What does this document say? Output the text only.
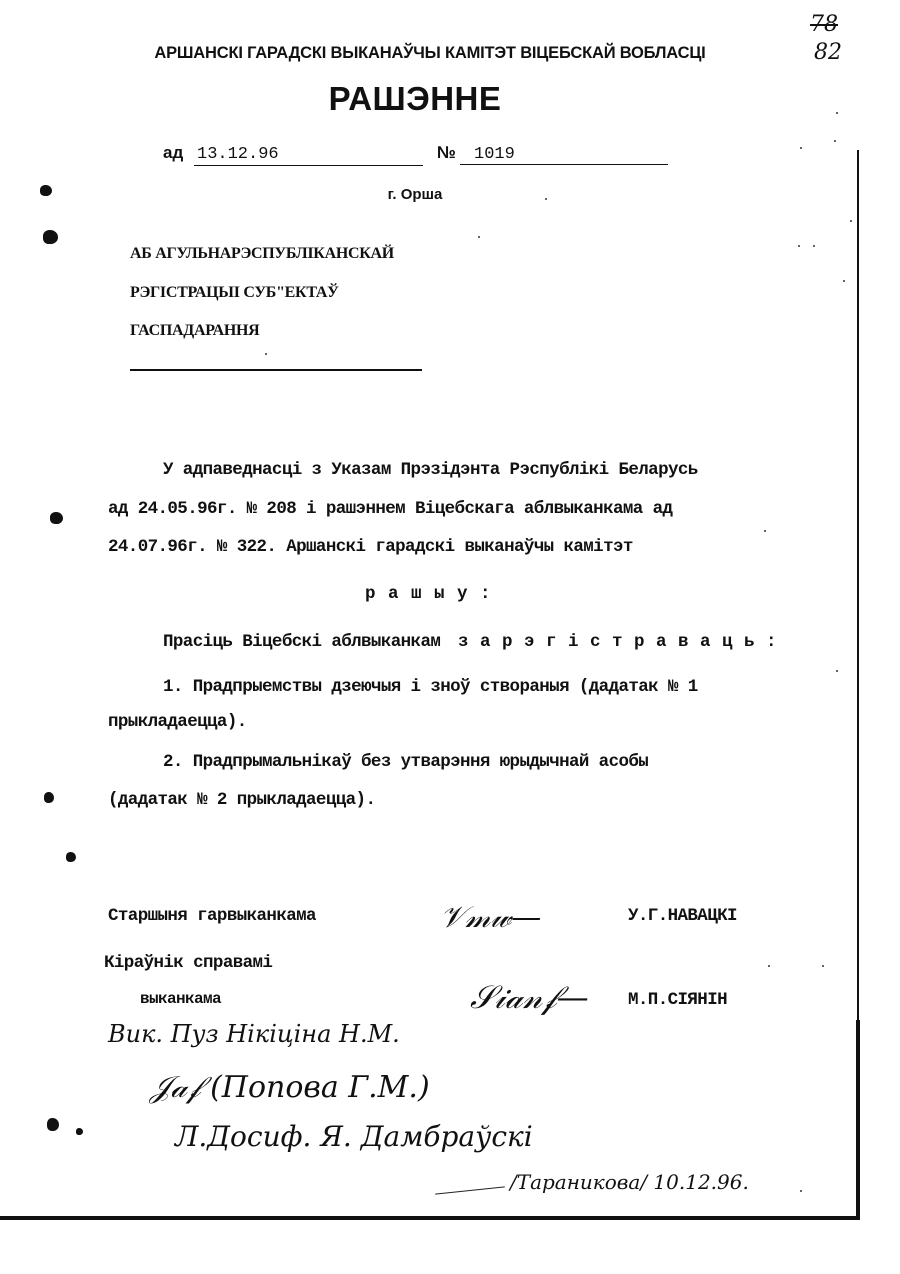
78
82
АРШАНСКІ ГАРАДСКІ ВЫКАНАЎЧЫ КАМІТЭТ ВІЦЕБСКАЙ ВОБЛАСЦІ
РАШЭННЕ
ад 13.12.96	№	1019
г. Орша
АБ АГУЛЬНАРЭСПУБЛІКАНСКАЙ
РЭГІСТРАЦЫІ СУБ"ЕКТАЎ
ГАСПАДАРАННЯ
У адпаведнасці з Указам Прэзідэнта Рэспублікі Беларусь
ад 24.05.96г. № 208 і рашэннем Віцебскага аблвыканкама ад
24.07.96г. № 322. Аршанскі гарадскі выканаўчы камітэт
р а ш ы у :
Прасіць Віцебскі аблвыканкам з а р э г і с т р а в а ц ь :
1. Прадпрыемствы дзеючыя і зноў створаныя (дадатак № 1
прыкладаецца).
2. Прадпрымальнікаў без утварэння юрыдычнай асобы
(дадатак № 2 прыкладаецца).
Старшыня гарвыканкама	𝒱𝓂𝓌—	У.Г.НАВАЦКІ
Кіраўнік справамі
выканкама	𝒮𝒾𝒶𝓃𝒻— М.П.СІЯНІН
Вик. Пуз Нікіціна Н.М.
𝒥𝒶𝒻 (Попова Г.М.)
Л.Досиф. Я. Дамбраўскі
/Тараникова/ 10.12.96.
